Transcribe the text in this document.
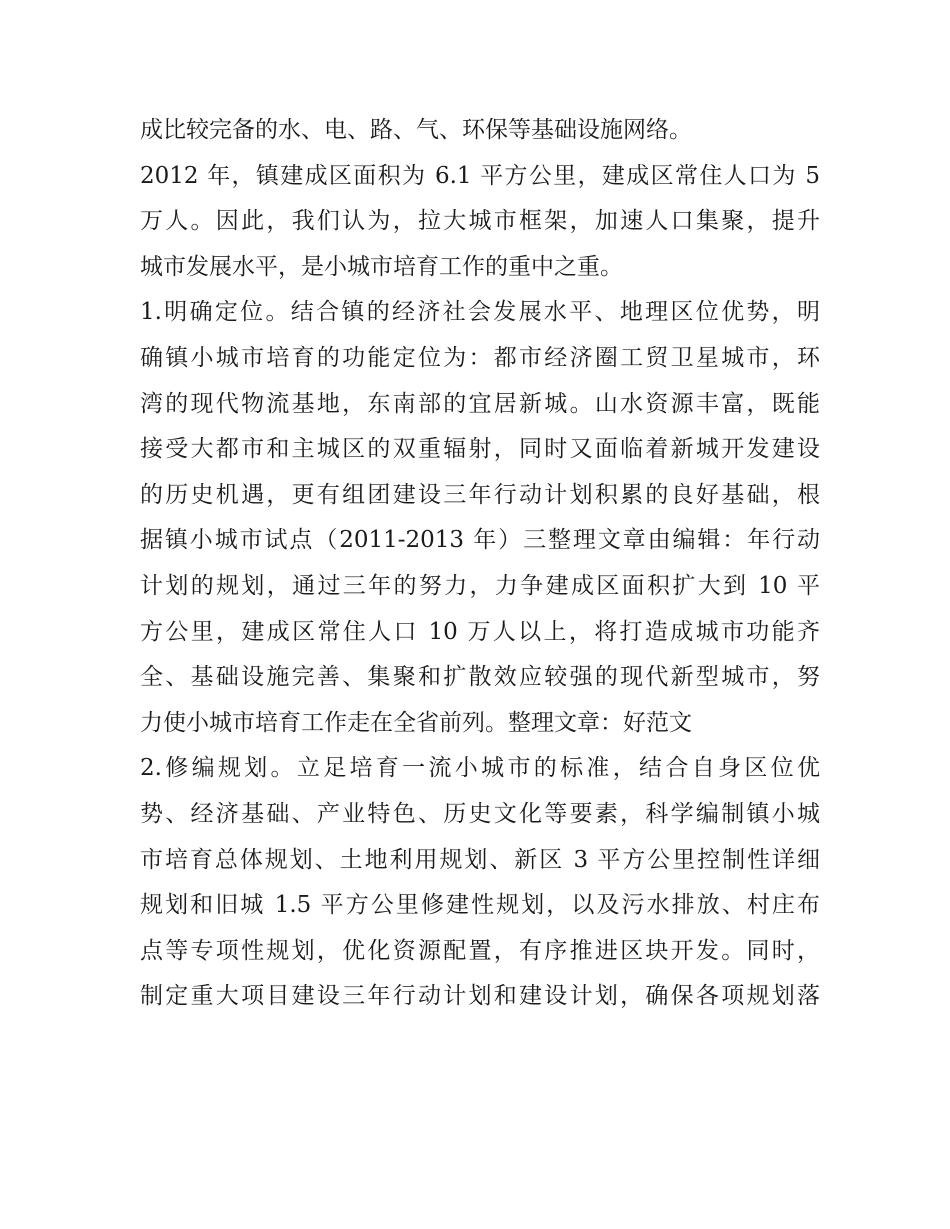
成比较完备的水、电、路、气、环保等基础设施网络。
2012 年，镇建成区面积为 6.1 平方公里，建成区常住人口为 5
万人。因此，我们认为，拉大城市框架，加速人口集聚，提升
城市发展水平，是小城市培育工作的重中之重。
1.明确定位。结合镇的经济社会发展水平、地理区位优势，明
确镇小城市培育的功能定位为：都市经济圈工贸卫星城市，环
湾的现代物流基地，东南部的宜居新城。山水资源丰富，既能
接受大都市和主城区的双重辐射，同时又面临着新城开发建设
的历史机遇，更有组团建设三年行动计划积累的良好基础，根
据镇小城市试点（2011-2013 年）三整理文章由编辑：年行动
计划的规划，通过三年的努力，力争建成区面积扩大到 10 平
方公里，建成区常住人口 10 万人以上，将打造成城市功能齐
全、基础设施完善、集聚和扩散效应较强的现代新型城市，努
力使小城市培育工作走在全省前列。整理文章：好范文
2.修编规划。立足培育一流小城市的标准，结合自身区位优
势、经济基础、产业特色、历史文化等要素，科学编制镇小城
市培育总体规划、土地利用规划、新区 3 平方公里控制性详细
规划和旧城 1.5 平方公里修建性规划，以及污水排放、村庄布
点等专项性规划，优化资源配置，有序推进区块开发。同时，
制定重大项目建设三年行动计划和建设计划，确保各项规划落
